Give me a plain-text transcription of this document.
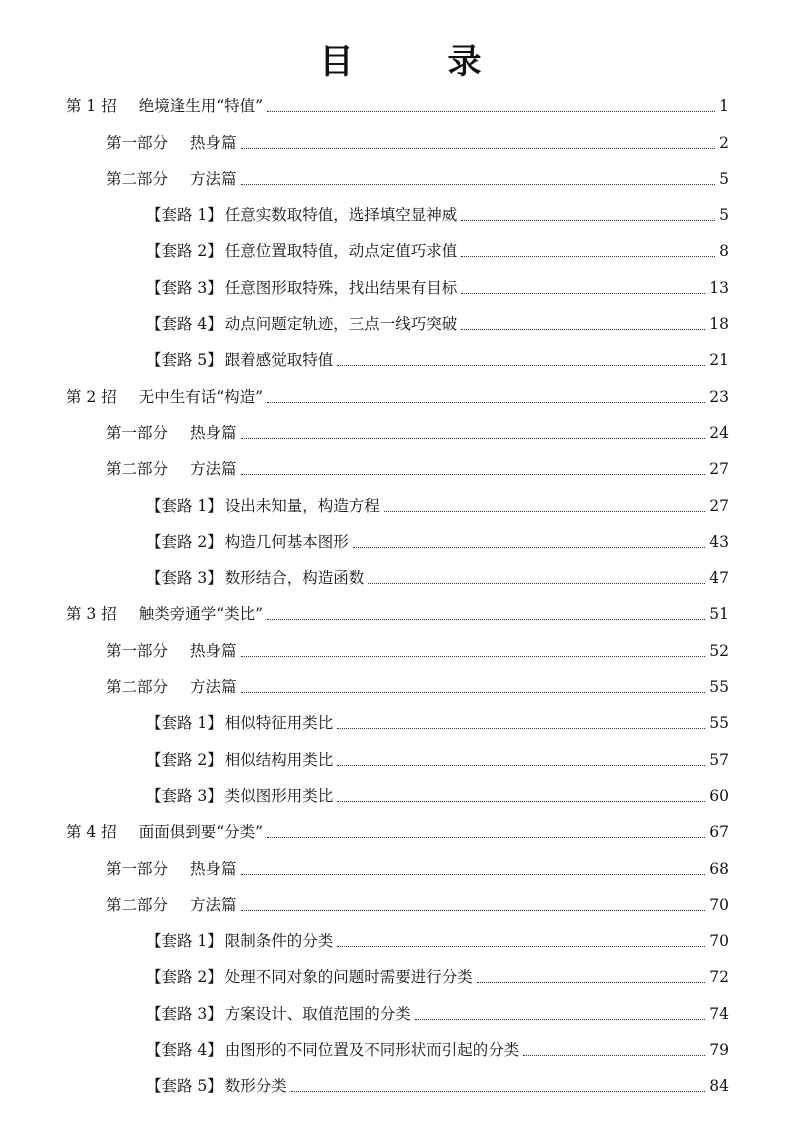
目　录
第 1 招 绝境逢生用“特值”	1
第一部分 热身篇	2
第二部分 方法篇	5
【套路 1】 任意实数取特值，选择填空显神威	5
【套路 2】 任意位置取特值，动点定值巧求值	8
【套路 3】 任意图形取特殊，找出结果有目标	13
【套路 4】 动点问题定轨迹，三点一线巧突破	18
【套路 5】 跟着感觉取特值	21
第 2 招 无中生有话“构造”	23
第一部分 热身篇	24
第二部分 方法篇	27
【套路 1】 设出未知量，构造方程	27
【套路 2】 构造几何基本图形	43
【套路 3】 数形结合，构造函数	47
第 3 招 触类旁通学“类比”	51
第一部分 热身篇	52
第二部分 方法篇	55
【套路 1】 相似特征用类比	55
【套路 2】 相似结构用类比	57
【套路 3】 类似图形用类比	60
第 4 招 面面俱到要“分类”	67
第一部分 热身篇	68
第二部分 方法篇	70
【套路 1】 限制条件的分类	70
【套路 2】 处理不同对象的问题时需要进行分类	72
【套路 3】 方案设计、取值范围的分类	74
【套路 4】 由图形的不同位置及不同形状而引起的分类	79
【套路 5】 数形分类	84
